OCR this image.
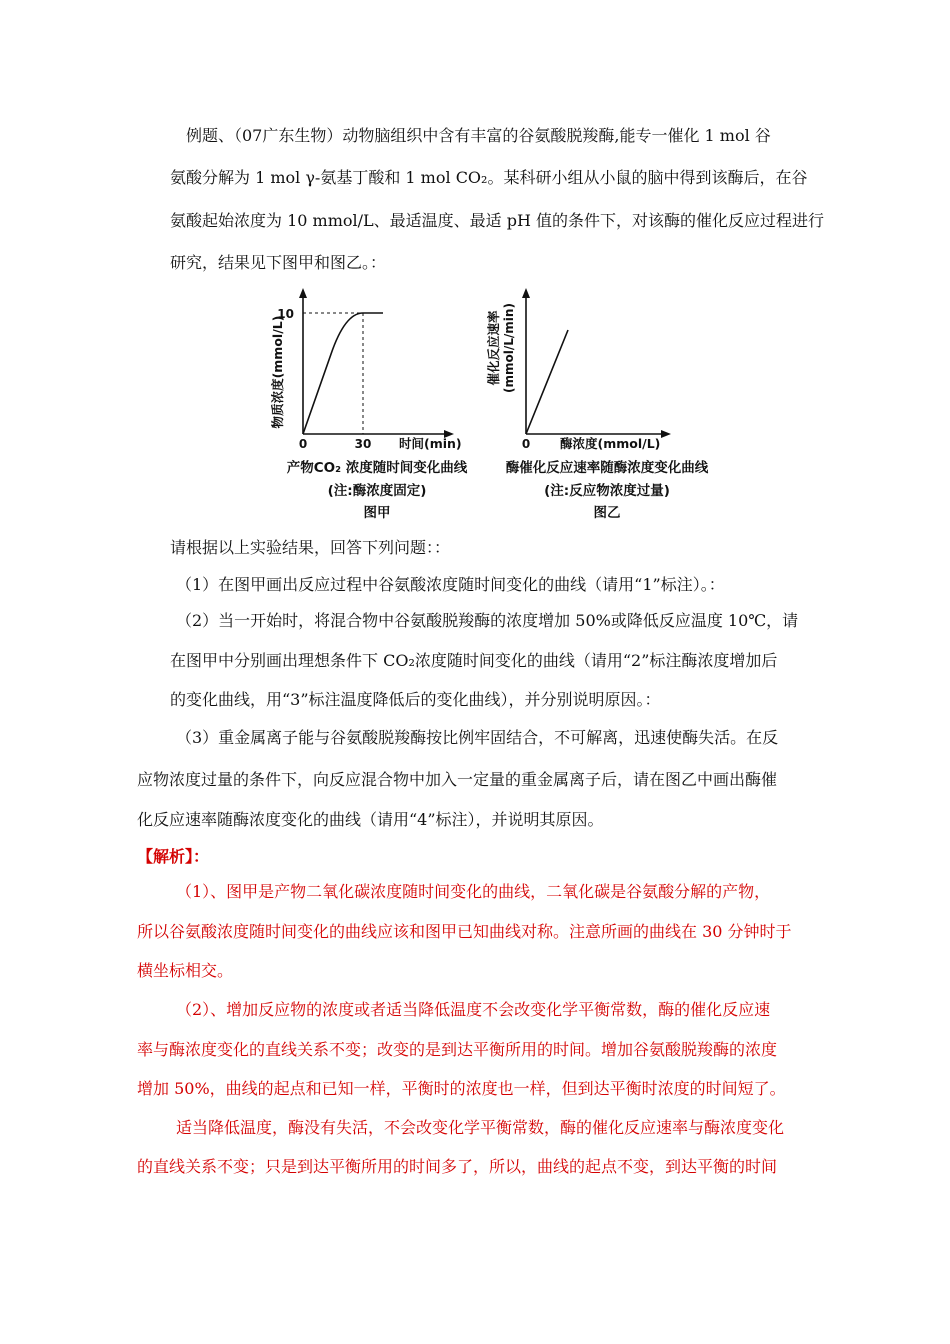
例题、（07广东生物）动物脑组织中含有丰富的谷氨酸脱羧酶,能专一催化 1 mol 谷
氨酸分解为 1 mol γ-氨基丁酸和 1 mol CO₂。某科研小组从小鼠的脑中得到该酶后，在谷
氨酸起始浓度为 10 mmol/L、最适温度、最适 pH 值的条件下，对该酶的催化反应过程进行
研究，结果见下图甲和图乙。：
10
0	30 时间(min)
物质浓度(mmol/L)
产物CO₂ 浓度随时间变化曲线
(注:酶浓度固定)
图甲
0 酶浓度(mmol/L)
催化反应速率 (mmol/L/min)
酶催化反应速率随酶浓度变化曲线
(注:反应物浓度过量)
图乙
请根据以上实验结果，回答下列问题：：
（1）在图甲画出反应过程中谷氨酸浓度随时间变化的曲线（请用“1”标注）。：
（2）当一开始时，将混合物中谷氨酸脱羧酶的浓度增加 50%或降低反应温度 10℃，请
在图甲中分别画出理想条件下 CO₂浓度随时间变化的曲线（请用“2”标注酶浓度增加后
的变化曲线，用“3”标注温度降低后的变化曲线），并分别说明原因。：
（3）重金属离子能与谷氨酸脱羧酶按比例牢固结合，不可解离，迅速使酶失活。在反
应物浓度过量的条件下，向反应混合物中加入一定量的重金属离子后，请在图乙中画出酶催
化反应速率随酶浓度变化的曲线（请用“4”标注），并说明其原因。
【解析】：
（1）、图甲是产物二氧化碳浓度随时间变化的曲线，二氧化碳是谷氨酸分解的产物，
所以谷氨酸浓度随时间变化的曲线应该和图甲已知曲线对称。注意所画的曲线在 30 分钟时于
横坐标相交。
（2）、增加反应物的浓度或者适当降低温度不会改变化学平衡常数，酶的催化反应速
率与酶浓度变化的直线关系不变；改变的是到达平衡所用的时间。增加谷氨酸脱羧酶的浓度
增加 50%，曲线的起点和已知一样，平衡时的浓度也一样，但到达平衡时浓度的时间短了。
适当降低温度，酶没有失活，不会改变化学平衡常数，酶的催化反应速率与酶浓度变化
的直线关系不变；只是到达平衡所用的时间多了，所以，曲线的起点不变，到达平衡的时间
